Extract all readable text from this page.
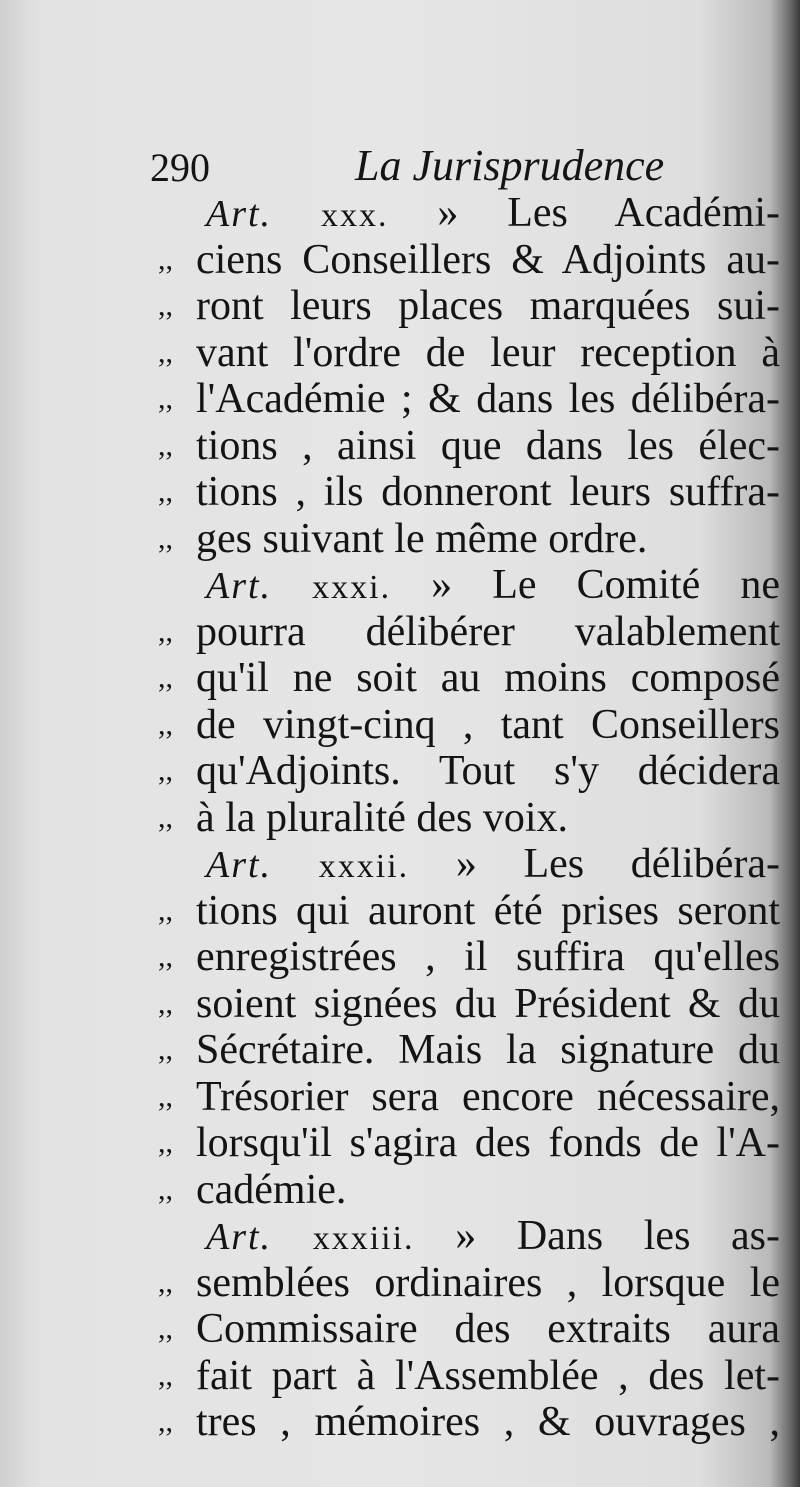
290	La Jurisprudence
Art. xxx. » Les Académi-
,, ciens Conseillers & Adjoints au-
,, ront leurs places marquées sui-
,, vant l'ordre de leur reception à
,, l'Académie ; & dans les délibéra-
,, tions , ainsi que dans les élec-
,, tions , ils donneront leurs suffra-
,, ges suivant le même ordre.
Art. xxxi. » Le Comité ne
,, pourra délibérer valablement
,, qu'il ne soit au moins composé
,, de vingt-cinq , tant Conseillers
,, qu'Adjoints. Tout s'y décidera
,, à la pluralité des voix.
Art. xxxii. » Les délibéra-
,, tions qui auront été prises seront
,, enregistrées , il suffira qu'elles
,, soient signées du Président & du
,, Sécrétaire. Mais la signature du
,, Trésorier sera encore nécessaire,
,, lorsqu'il s'agira des fonds de l'A-
,, cadémie.
Art. xxxiii. » Dans les as-
,, semblées ordinaires , lorsque le
,, Commissaire des extraits aura
,, fait part à l'Assemblée , des let-
,, tres , mémoires , & ouvrages ,
